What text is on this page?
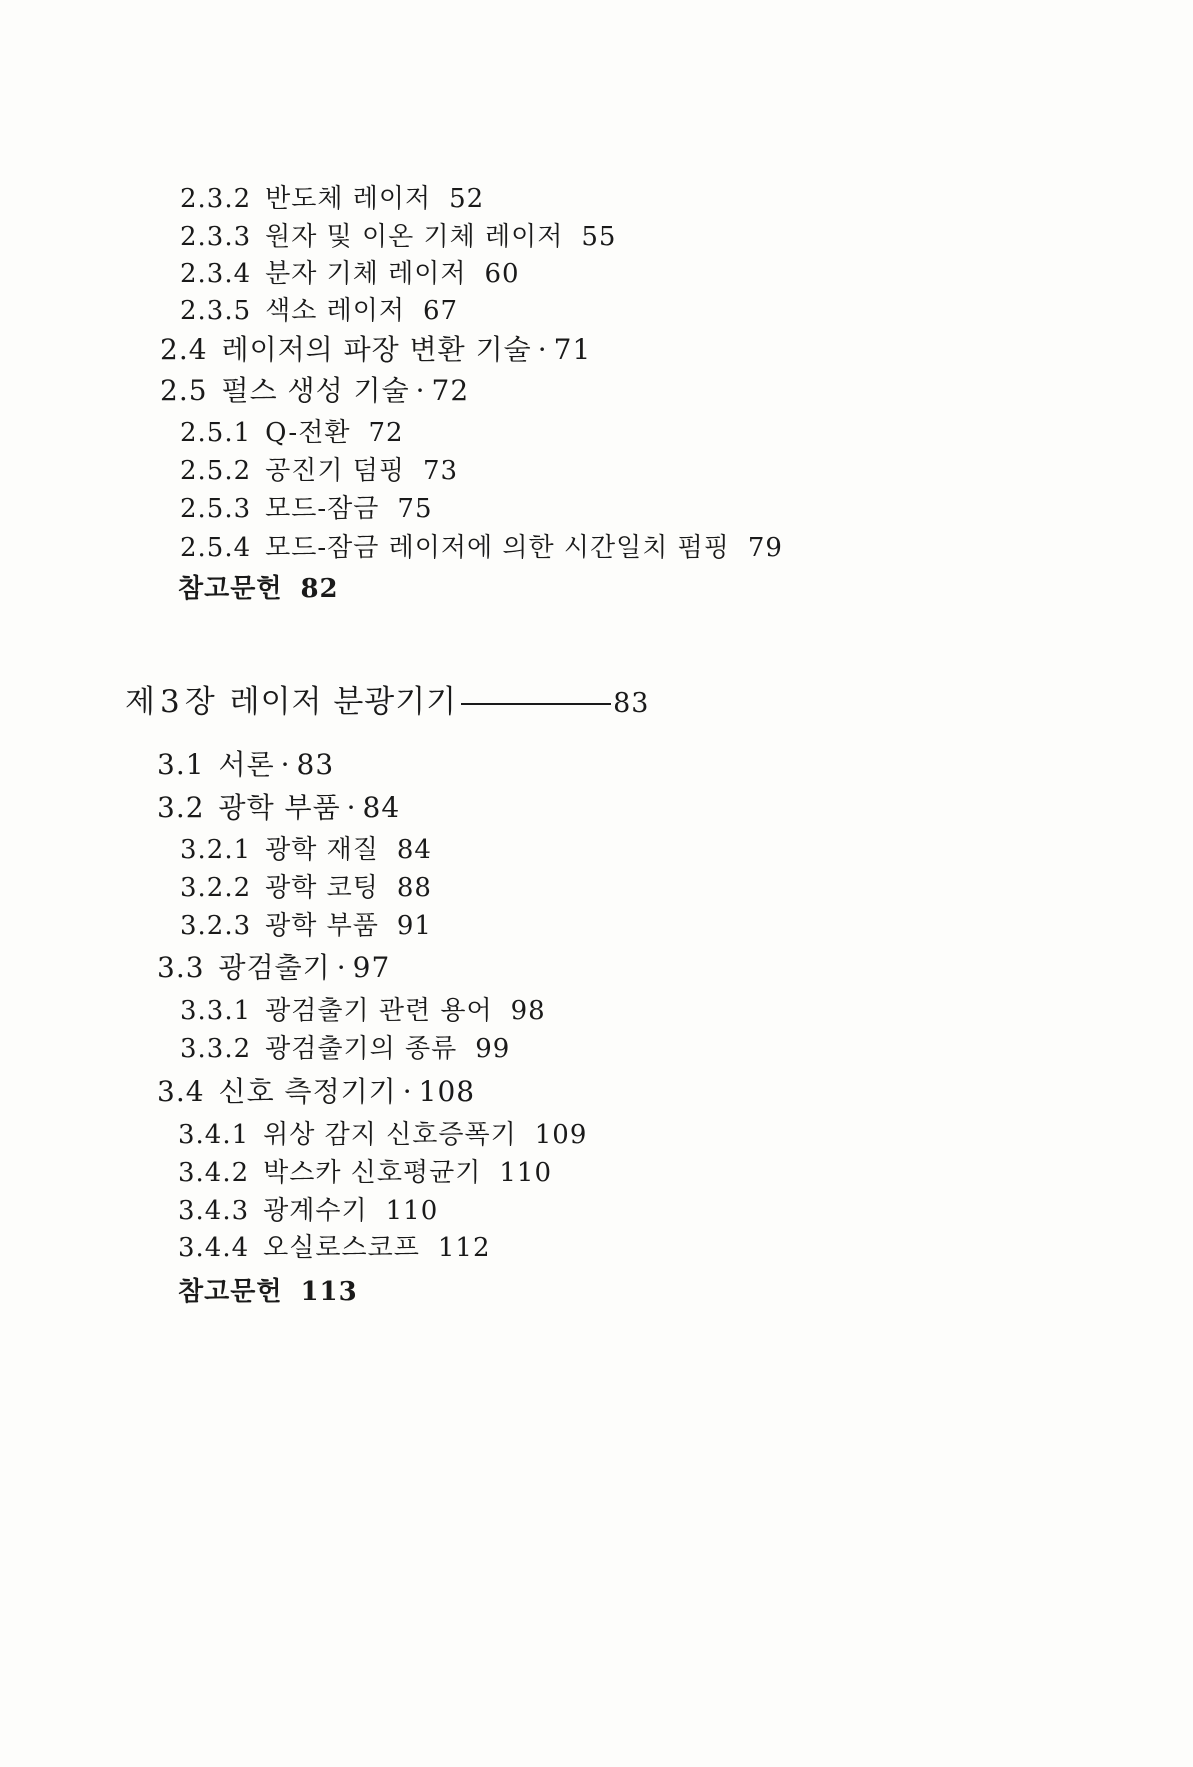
2.3.2 반도체 레이저 52
2.3.3 원자 및 이온 기체 레이저 55
2.3.4 분자 기체 레이저 60
2.3.5 색소 레이저 67
2.4 레이저의 파장 변환 기술 · 71
2.5 펄스 생성 기술 · 72
2.5.1 Q-전환 72
2.5.2 공진기 덤핑 73
2.5.3 모드-잠금 75
2.5.4 모드-잠금 레이저에 의한 시간일치 펌핑 79
참고문헌 82
제 3 장 레이저 분광기기	83
3.1 서론 · 83
3.2 광학 부품 · 84
3.2.1 광학 재질 84
3.2.2 광학 코팅 88
3.2.3 광학 부품 91
3.3 광검출기 · 97
3.3.1 광검출기 관련 용어 98
3.3.2 광검출기의 종류 99
3.4 신호 측정기기 · 108
3.4.1 위상 감지 신호증폭기 109
3.4.2 박스카 신호평균기 110
3.4.3 광계수기 110
3.4.4 오실로스코프 112
참고문헌 113
